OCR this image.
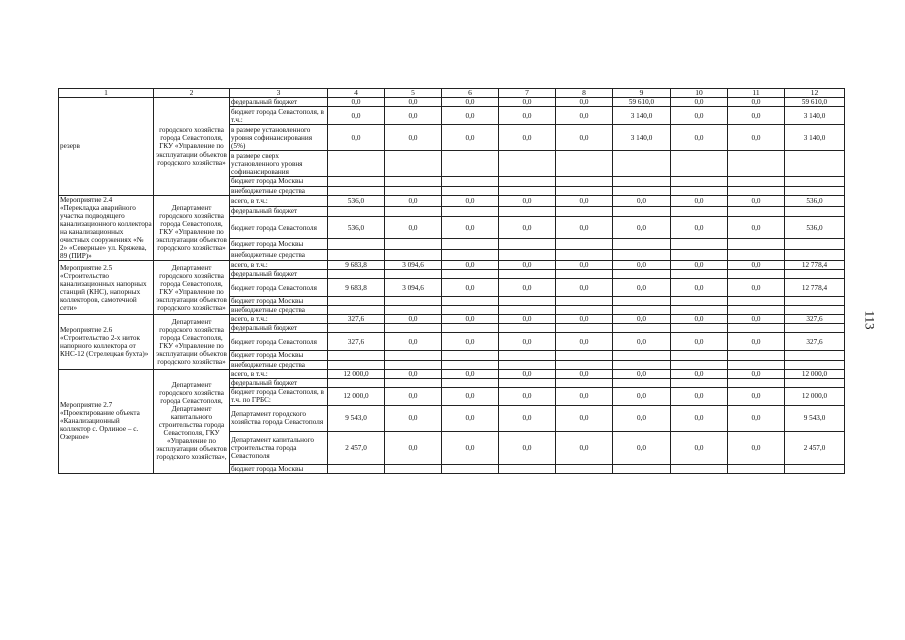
113
1	2	3	4	5	6	7	8	9	10	11	12
резерв	городского хозяйства города Севастополя, ГКУ «Управление по эксплуатации объектов городского хозяйства»	федеральный бюджет	0,0	0,0	0,0	0,0	0,0	59 610,0	0,0	0,0	59 610,0
		бюджет города Севастополя, в т.ч.:	0,0	0,0	0,0	0,0	0,0	3 140,0	0,0	0,0	3 140,0
		в размере установленного уровня софинансирования (5%)	0,0	0,0	0,0	0,0	0,0	3 140,0	0,0	0,0	3 140,0
		в размере сверх установленного уровня софинансирования									
		бюджет города Москвы									
		внебюджетные средства									
Мероприятие 2.4 «Перекладка аварийного участка подводящего канализационного коллектора на канализационных очистных сооружениях «№ 2» «Северные» ул. Кряжева, 89 (ПИР)»	Департамент городского хозяйства города Севастополя, ГКУ «Управление по эксплуатации объектов городского хозяйства»	всего, в т.ч.:	536,0	0,0	0,0	0,0	0,0	0,0	0,0	0,0	536,0
		федеральный бюджет									
		бюджет города Севастополя	536,0	0,0	0,0	0,0	0,0	0,0	0,0	0,0	536,0
		бюджет города Москвы									
		внебюджетные средства									
Мероприятие 2.5 «Строительство канализационных напорных станций (КНС), напорных коллекторов, самотечной сети»	Департамент городского хозяйства города Севастополя, ГКУ «Управление по эксплуатации объектов городского хозяйства»	всего, в т.ч.:	9 683,8	3 094,6	0,0	0,0	0,0	0,0	0,0	0,0	12 778,4
		федеральный бюджет									
		бюджет города Севастополя	9 683,8	3 094,6	0,0	0,0	0,0	0,0	0,0	0,0	12 778,4
		бюджет города Москвы									
		внебюджетные средства									
Мероприятие 2.6 «Строительство 2-х ниток напорного коллектора от КНС-12 (Стрелецкая бухта)»	Департамент городского хозяйства города Севастополя, ГКУ «Управление по эксплуатации объектов городского хозяйства»	всего, в т.ч.:	327,6	0,0	0,0	0,0	0,0	0,0	0,0	0,0	327,6
		федеральный бюджет									
		бюджет города Севастополя	327,6	0,0	0,0	0,0	0,0	0,0	0,0	0,0	327,6
		бюджет города Москвы									
		внебюджетные средства									
Мероприятие 2.7 «Проектирование объекта «Канализационный коллектор с. Орлиное – с. Озерное»	Департамент городского хозяйства города Севастополя, Департамент капитального строительства города Севастополя, ГКУ «Управление по эксплуатации объектов городского хозяйства»,	всего, в т.ч.:	12 000,0	0,0	0,0	0,0	0,0	0,0	0,0	0,0	12 000,0
		федеральный бюджет									
		бюджет города Севастополя, в т.ч. по ГРБС:	12 000,0	0,0	0,0	0,0	0,0	0,0	0,0	0,0	12 000,0
		Департамент городского хозяйства города Севастополя	9 543,0	0,0	0,0	0,0	0,0	0,0	0,0	0,0	9 543,0
		Департамент капитального строительства города Севастополя	2 457,0	0,0	0,0	0,0	0,0	0,0	0,0	0,0	2 457,0
		бюджет города Москвы									
